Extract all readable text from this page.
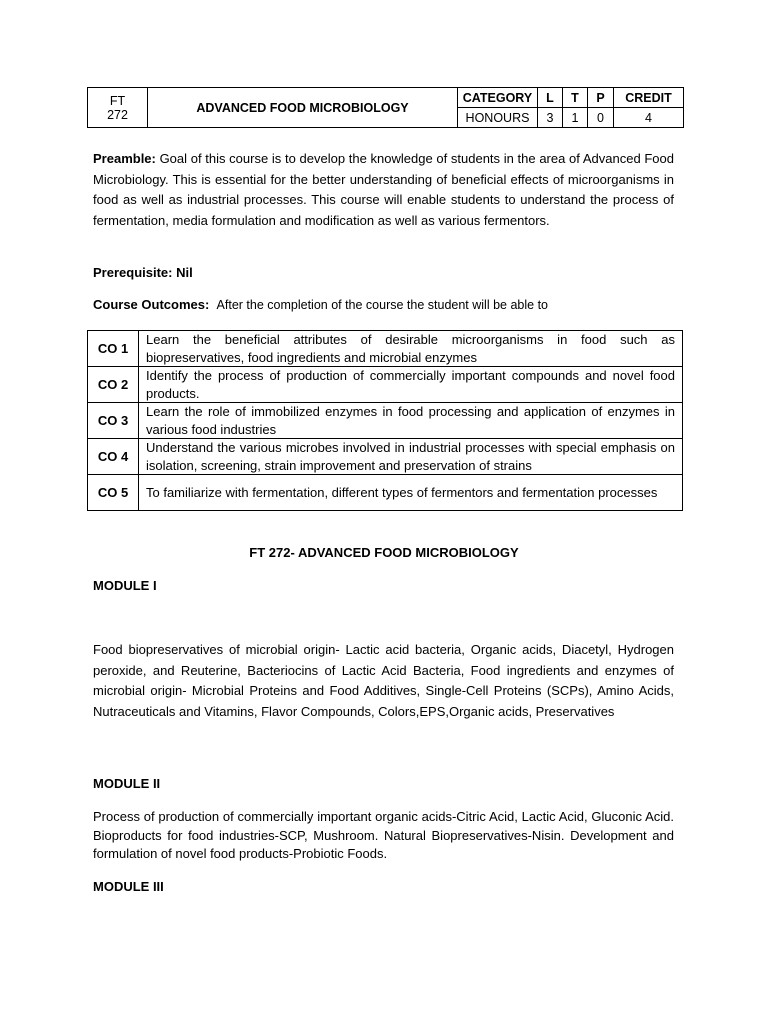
FT
272	ADVANCED FOOD MICROBIOLOGY	CATEGORY	L	T	P	CREDIT
		HONOURS	3	1	0	4

Preamble: Goal of this course is to develop the knowledge of students in the area of Advanced Food Microbiology. This is essential for the better understanding of beneficial effects of microorganisms in food as well as industrial processes. This course will enable students to understand the process of fermentation, media formulation and modification as well as various fermentors.

Prerequisite: Nil
Course Outcomes: After the completion of the course the student will be able to
CO 1	Learn the beneficial attributes of desirable microorganisms in food such as biopreservatives, food ingredients and microbial enzymes
CO 2	Identify the process of production of commercially important compounds and novel food products.
CO 3	Learn the role of immobilized enzymes in food processing and application of enzymes in various food industries
CO 4	Understand the various microbes involved in industrial processes with special emphasis on isolation, screening, strain improvement and preservation of strains
CO 5	To familiarize with fermentation, different types of fermentors and fermentation processes
FT 272- ADVANCED FOOD MICROBIOLOGY
MODULE I

Food biopreservatives of microbial origin- Lactic acid bacteria, Organic acids, Diacetyl, Hydrogen peroxide, and Reuterine, Bacteriocins of Lactic Acid Bacteria, Food ingredients and enzymes of microbial origin- Microbial Proteins and Food Additives, Single-Cell Proteins (SCPs), Amino Acids, Nutraceuticals and Vitamins, Flavor Compounds, Colors,EPS,Organic acids, Preservatives

MODULE II

Process of production of commercially important organic acids-Citric Acid, Lactic Acid, Gluconic Acid. Bioproducts for food industries-SCP, Mushroom. Natural Biopreservatives-Nisin. Development and formulation of novel food products-Probiotic Foods.

MODULE III
